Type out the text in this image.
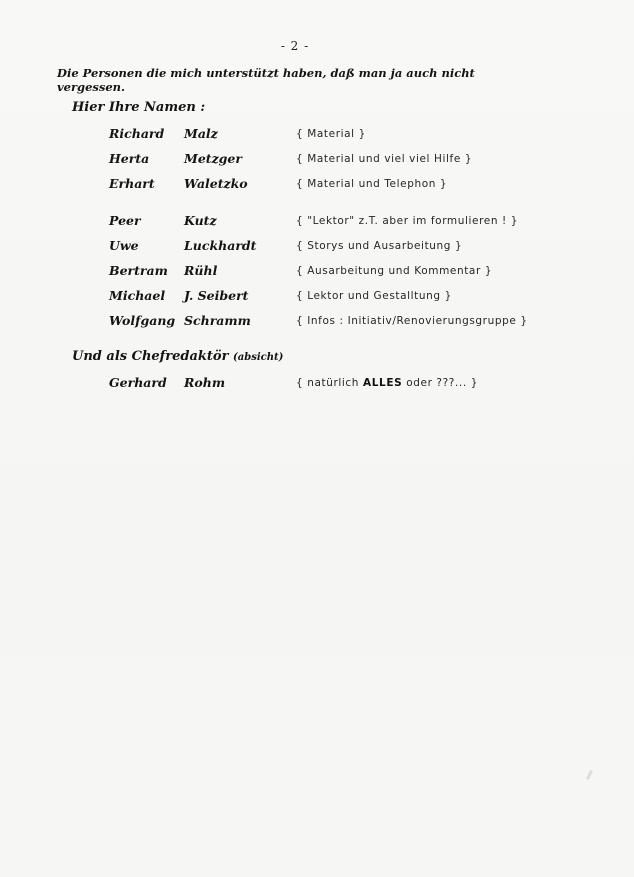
- 2 -
Die Personen die mich unterstützt haben, daß man ja auch nicht vergessen.
Hier Ihre Namen :
Richard Malz	{ Material }
Herta	Metzger	{ Material und viel viel Hilfe }
Erhart Waletzko	{ Material und Telephon }
Peer	Kutz	{ "Lektor" z.T. aber im formulieren ! }
Uwe	Luckhardt	{ Storys und Ausarbeitung }
Bertram Rühl	{ Ausarbeitung und Kommentar }
Michael J. Seibert	{ Lektor und Gestalltung }
Wolfgang Schramm	{ Infos : Initiativ/Renovierungsgruppe }
Und als Chefredaktör (absicht)
Gerhard Rohm	{ natürlich ALLES oder ???... }
